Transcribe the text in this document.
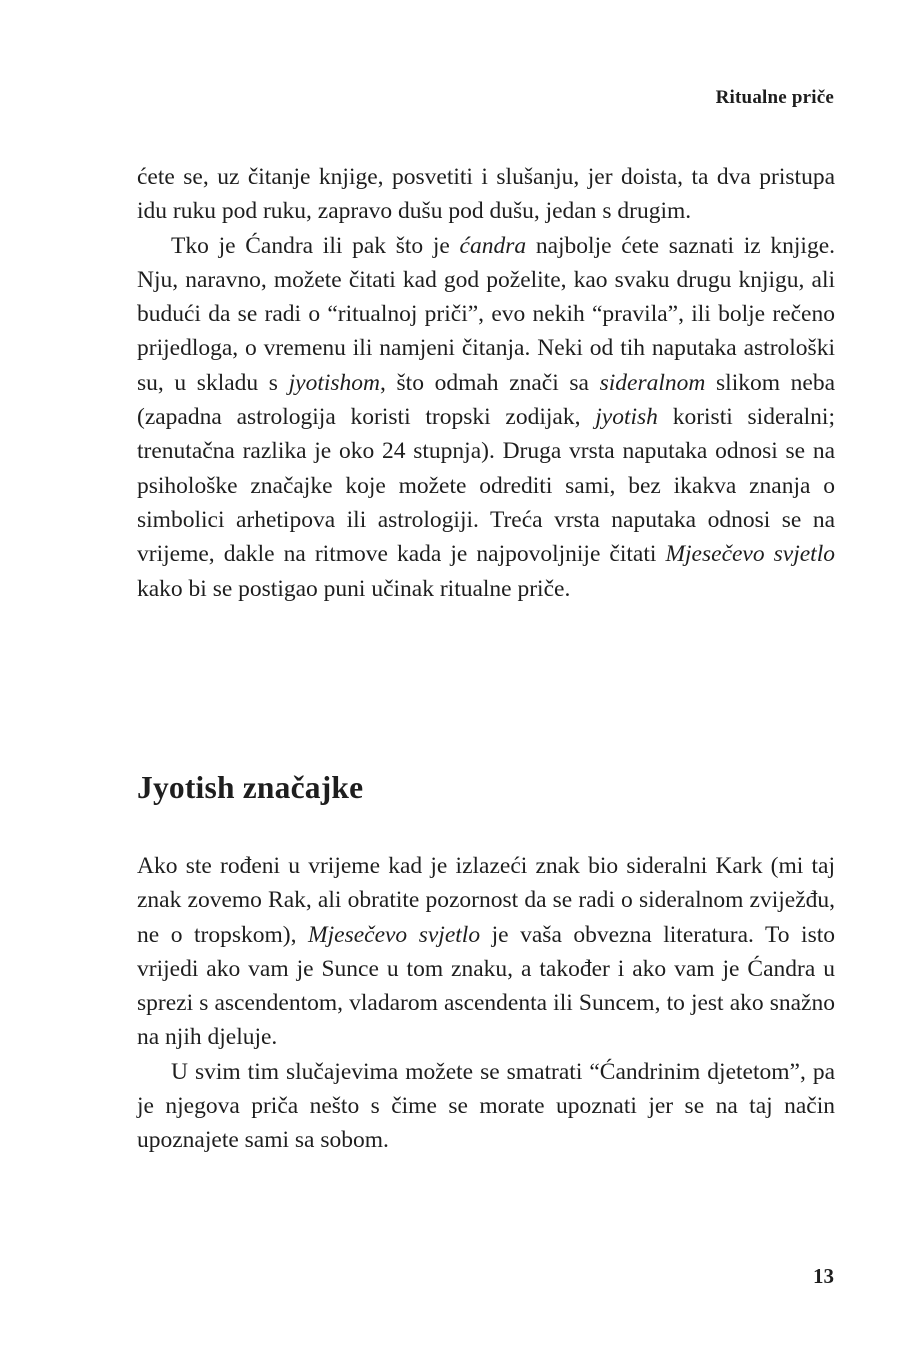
Ritualne priče

ćete se, uz čitanje knjige, posvetiti i slušanju, jer doista, ta dva pristupa idu ruku pod ruku, zapravo dušu pod dušu, jedan s drugim.

Tko je Ćandra ili pak što je ćandra najbolje ćete saznati iz knjige. Nju, naravno, možete čitati kad god poželite, kao svaku drugu knjigu, ali budući da se radi o “ritualnoj priči”, evo nekih “pravila”, ili bolje rečeno prijedloga, o vremenu ili namjeni čitanja. Neki od tih naputaka astrološki su, u skladu s jyotishom, što odmah znači sa sideralnom slikom neba (zapadna astrologija koristi tropski zodijak, jyotish koristi sideralni; trenutačna razlika je oko 24 stupnja). Druga vrsta naputaka odnosi se na psihološke značajke koje možete odrediti sami, bez ikakva znanja o simbolici arhetipova ili astrologiji. Treća vrsta naputaka odnosi se na vrijeme, dakle na ritmove kada je najpovoljnije čitati Mjesečevo svjetlo kako bi se postigao puni učinak ritualne priče.

Jyotish značajke

Ako ste rođeni u vrijeme kad je izlazeći znak bio sideralni Kark (mi taj znak zovemo Rak, ali obratite pozornost da se radi o sideralnom zviježđu, ne o tropskom), Mjesečevo svjetlo je vaša obvezna literatura. To isto vrijedi ako vam je Sunce u tom znaku, a također i ako vam je Ćandra u sprezi s ascendentom, vladarom ascendenta ili Suncem, to jest ako snažno na njih djeluje.

U svim tim slučajevima možete se smatrati “Ćandrinim djetetom”, pa je njegova priča nešto s čime se morate upoznati jer se na taj način upoznajete sami sa sobom.

13
